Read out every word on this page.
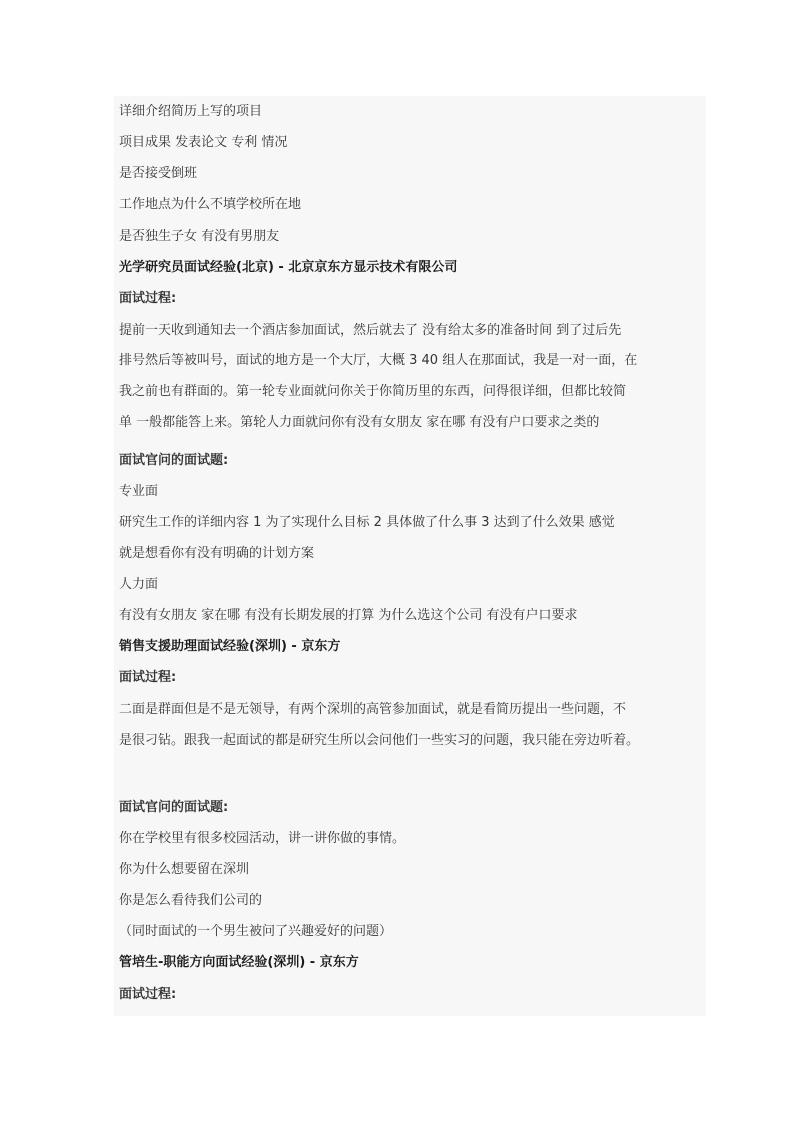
详细介绍简历上写的项目
项目成果 发表论文 专利 情况
是否接受倒班
工作地点为什么不填学校所在地
是否独生子女 有没有男朋友
光学研究员面试经验(北京) - 北京京东方显示技术有限公司
面试过程:
提前一天收到通知去一个酒店参加面试，然后就去了 没有给太多的准备时间 到了过后先
排号然后等被叫号，面试的地方是一个大厅，大概 3 40 组人在那面试，我是一对一面，在
我之前也有群面的。第一轮专业面就问你关于你简历里的东西，问得很详细，但都比较简
单 一般都能答上来。第轮人力面就问你有没有女朋友 家在哪 有没有户口要求之类的
面试官问的面试题:
专业面
研究生工作的详细内容 1 为了实现什么目标 2 具体做了什么事 3 达到了什么效果 感觉
就是想看你有没有明确的计划方案
人力面
有没有女朋友 家在哪 有没有长期发展的打算 为什么选这个公司 有没有户口要求
销售支援助理面试经验(深圳) - 京东方
面试过程:
二面是群面但是不是无领导，有两个深圳的高管参加面试，就是看简历提出一些问题，不
是很刁钻。跟我一起面试的都是研究生所以会问他们一些实习的问题，我只能在旁边听着。
面试官问的面试题:
你在学校里有很多校园活动，讲一讲你做的事情。
你为什么想要留在深圳
你是怎么看待我们公司的
（同时面试的一个男生被问了兴趣爱好的问题）
管培生-职能方向面试经验(深圳) - 京东方
面试过程:
